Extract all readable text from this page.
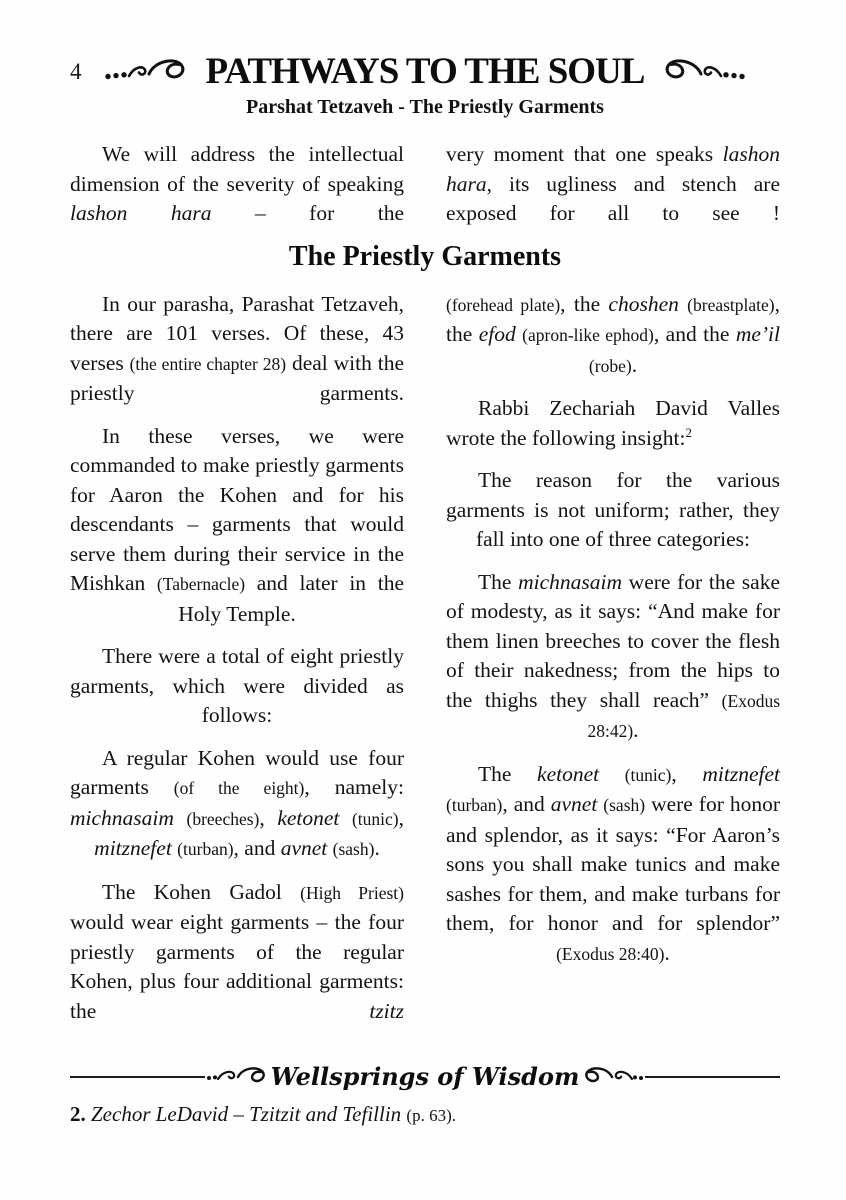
4	PATHWAYS TO THE SOUL
Parshat Tetzaveh - The Priestly Garments

We will address the intellectual dimension of the severity of speaking lashon hara – for the

very moment that one speaks lashon hara, its ugliness and stench are exposed for all to see !

The Priestly Garments

In our parasha, Parashat Tetzaveh, there are 101 verses. Of these, 43 verses (the entire chapter 28) deal with the priestly garments.

In these verses, we were commanded to make priestly garments for Aaron the Kohen and for his descendants – garments that would serve them during their service in the Mishkan (Tabernacle) and later in the Holy Temple.

There were a total of eight priestly garments, which were divided as follows:

A regular Kohen would use four garments (of the eight), namely: michnasaim (breeches), ketonet (tunic), mitznefet (turban), and avnet (sash).

The Kohen Gadol (High Priest) would wear eight garments – the four priestly garments of the regular Kohen, plus four additional garments: the tzitz

(forehead plate), the choshen (breastplate), the efod (apron-like ephod), and the me’il (robe).

Rabbi Zechariah David Valles wrote the following insight:$^2$

The reason for the various garments is not uniform; rather, they fall into one of three categories:

The michnasaim were for the sake of modesty, as it says: “And make for them linen breeches to cover the flesh of their nakedness; from the hips to the thighs they shall reach” (Exodus 28:42).

The ketonet (tunic), mitznefet (turban), and avnet (sash) were for honor and splendor, as it says: “For Aaron’s sons you shall make tunics and make sashes for them, and make turbans for them, for honor and for splendor” (Exodus 28:40).

Wellsprings of Wisdom

2. Zechor LeDavid – Tzitzit and Tefillin (p. 63).
